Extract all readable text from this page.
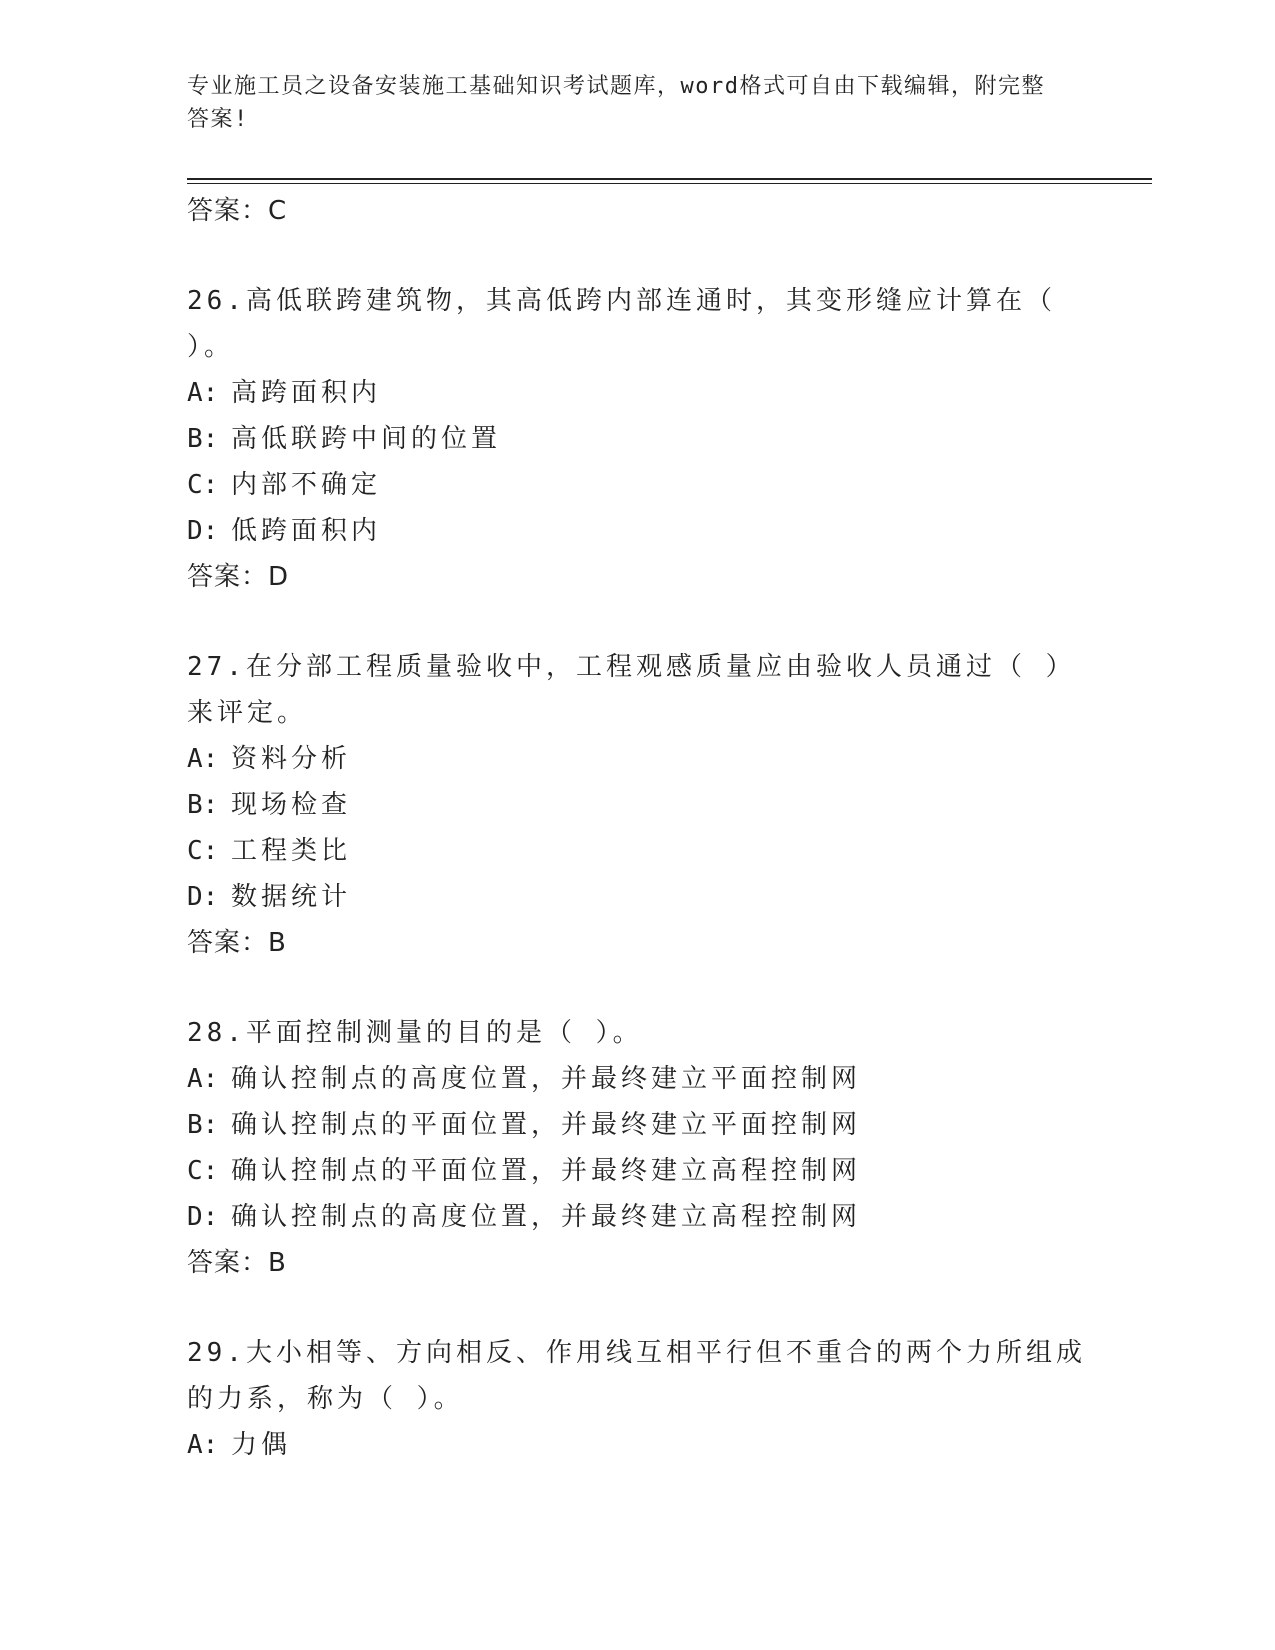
专业施工员之设备安装施工基础知识考试题库，word格式可自由下载编辑，附完整答案!
答案：C
26.高低联跨建筑物，其高低跨内部连通时，其变形缝应计算在（ ）。
A: 高跨面积内
B: 高低联跨中间的位置
C: 内部不确定
D: 低跨面积内
答案：D
27.在分部工程质量验收中，工程观感质量应由验收人员通过（ ）来评定。
A: 资料分析
B: 现场检查
C: 工程类比
D: 数据统计
答案：B
28.平面控制测量的目的是（ ）。
A: 确认控制点的高度位置，并最终建立平面控制网
B: 确认控制点的平面位置，并最终建立平面控制网
C: 确认控制点的平面位置，并最终建立高程控制网
D: 确认控制点的高度位置，并最终建立高程控制网
答案：B
29.大小相等、方向相反、作用线互相平行但不重合的两个力所组成的力系，称为（ ）。
A: 力偶
